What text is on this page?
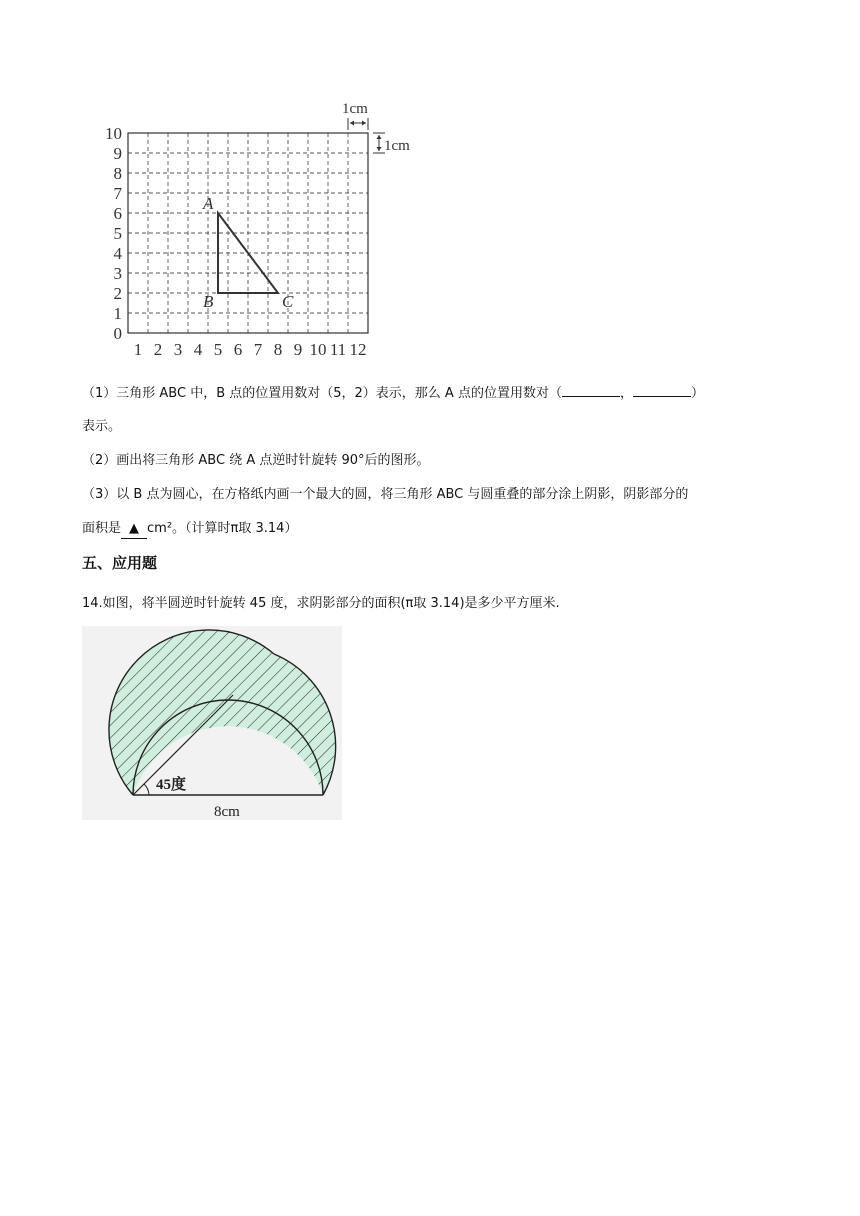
0
1
2
3
4
5
6
7
8
9
10
1 2 3 4 5 6 7 8 9 10 11 12
A
B	C
1cm
1cm
（1）三角形 ABC 中，B 点的位置用数对（5，2）表示，那么 A 点的位置用数对（	，	）
表示。
（2）画出将三角形 ABC 绕 A 点逆时针旋转 90°后的图形。
（3）以 B 点为圆心，在方格纸内画一个最大的圆，将三角形 ABC 与圆重叠的部分涂上阴影，阴影部分的
面积是 ▲ cm²。（计算时π取 3.14）
五、应用题
14.如图，将半圆逆时针旋转 45 度，求阴影部分的面积(π取 3.14)是多少平方厘米.
45度
8cm
